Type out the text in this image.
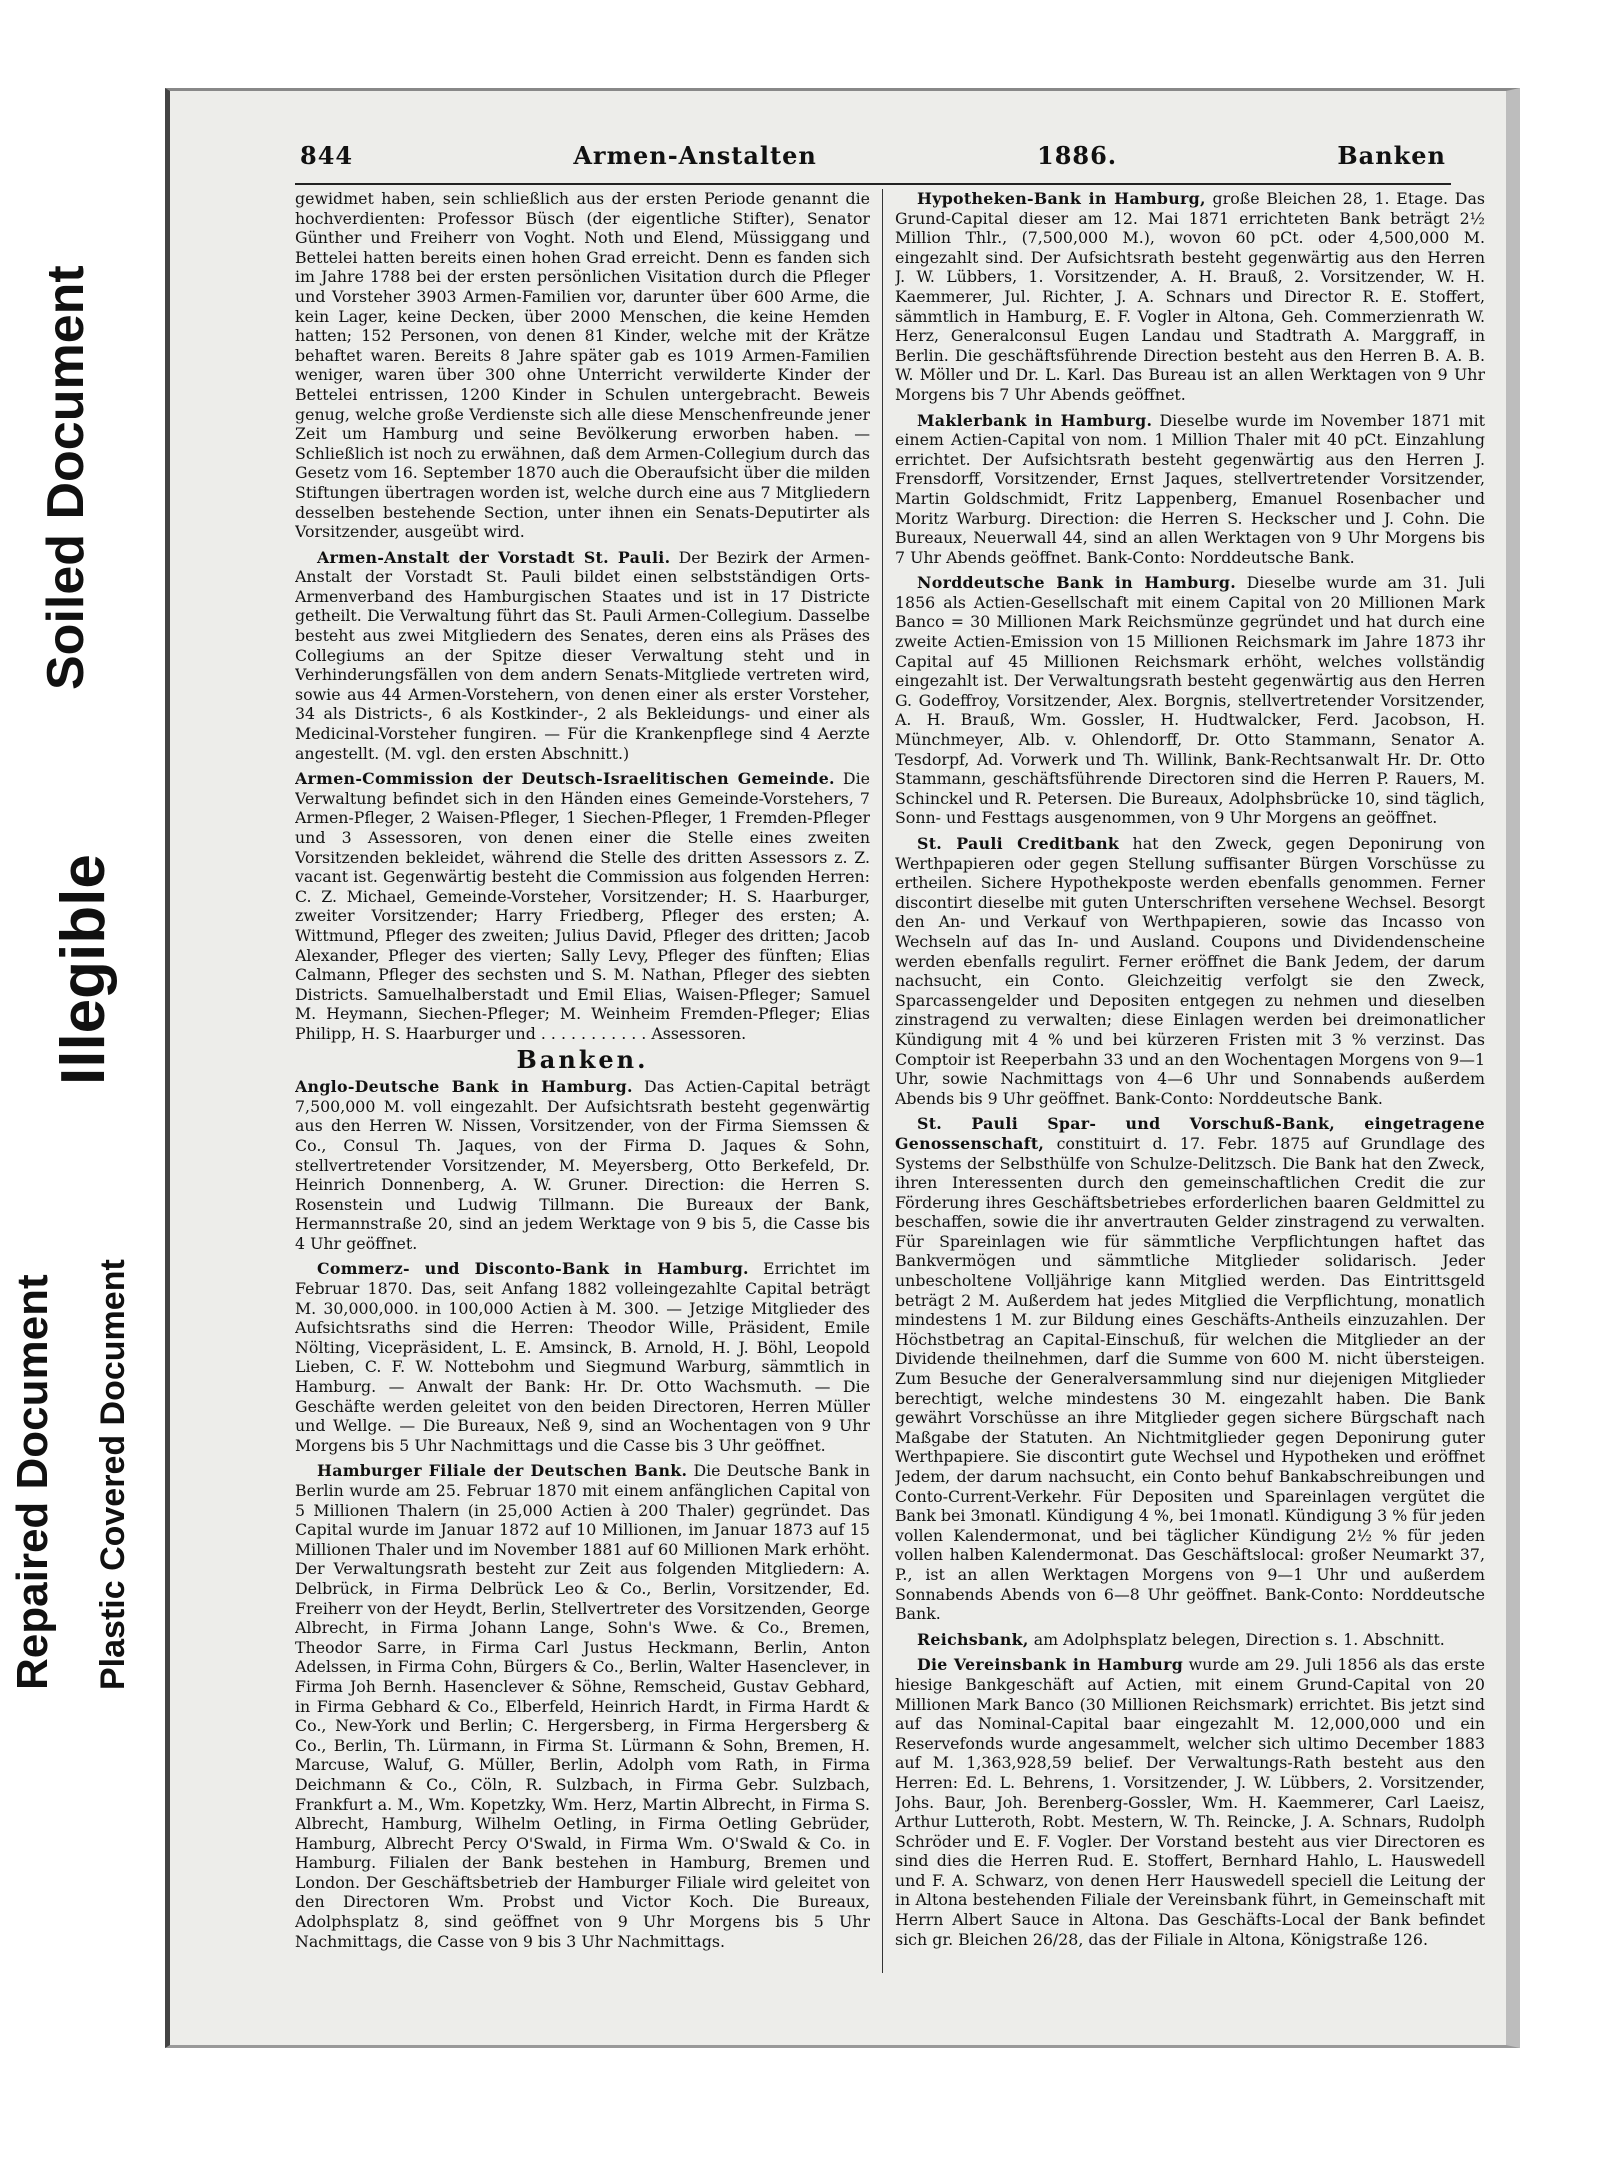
Soiled Document
Illegible
Repaired Document Plastic Covered Document
844	Armen-Anstalten	1886.	Banken

gewidmet haben, sein schließlich aus der ersten Periode genannt die hochverdienten: Professor Büsch (der eigentliche Stifter), Senator Günther und Freiherr von Voght. Noth und Elend, Müssiggang und Bettelei hatten bereits einen hohen Grad erreicht. Denn es fanden sich im Jahre 1788 bei der ersten persönlichen Visitation durch die Pfleger und Vorsteher 3903 Armen-Familien vor, darunter über 600 Arme, die kein Lager, keine Decken, über 2000 Menschen, die keine Hemden hatten; 152 Personen, von denen 81 Kinder, welche mit der Krätze behaftet waren. Bereits 8 Jahre später gab es 1019 Armen-Familien weniger, waren über 300 ohne Unterricht verwilderte Kinder der Bettelei entrissen, 1200 Kinder in Schulen untergebracht. Beweis genug, welche große Verdienste sich alle diese Menschenfreunde jener Zeit um Hamburg und seine Bevölkerung erworben haben. — Schließlich ist noch zu erwähnen, daß dem Armen-Collegium durch das Gesetz vom 16. September 1870 auch die Oberaufsicht über die milden Stiftungen übertragen worden ist, welche durch eine aus 7 Mitgliedern desselben bestehende Section, unter ihnen ein Senats-Deputirter als Vorsitzender, ausgeübt wird.

Armen-Anstalt der Vorstadt St. Pauli. Der Bezirk der Armen-Anstalt der Vorstadt St. Pauli bildet einen selbstständigen Orts-Armenverband des Hamburgischen Staates und ist in 17 Districte getheilt. Die Verwaltung führt das St. Pauli Armen-Collegium. Dasselbe besteht aus zwei Mitgliedern des Senates, deren eins als Präses des Collegiums an der Spitze dieser Verwaltung steht und in Verhinderungsfällen von dem andern Senats-Mitgliede vertreten wird, sowie aus 44 Armen-Vorstehern, von denen einer als erster Vorsteher, 34 als Districts-, 6 als Kostkinder-, 2 als Bekleidungs- und einer als Medicinal-Vorsteher fungiren. — Für die Krankenpflege sind 4 Aerzte angestellt. (M. vgl. den ersten Abschnitt.)

Armen-Commission der Deutsch-Israelitischen Gemeinde. Die Verwaltung befindet sich in den Händen eines Gemeinde-Vorstehers, 7 Armen-Pfleger, 2 Waisen-Pfleger, 1 Siechen-Pfleger, 1 Fremden-Pfleger und 3 Assessoren, von denen einer die Stelle eines zweiten Vorsitzenden bekleidet, während die Stelle des dritten Assessors z. Z. vacant ist. Gegenwärtig besteht die Commission aus folgenden Herren: C. Z. Michael, Gemeinde-Vorsteher, Vorsitzender; H. S. Haarburger, zweiter Vorsitzender; Harry Friedberg, Pfleger des ersten; A. Wittmund, Pfleger des zweiten; Julius David, Pfleger des dritten; Jacob Alexander, Pfleger des vierten; Sally Levy, Pfleger des fünften; Elias Calmann, Pfleger des sechsten und S. M. Nathan, Pfleger des siebten Districts. Samuelhalberstadt und Emil Elias, Waisen-Pfleger; Samuel M. Heymann, Siechen-Pfleger; M. Weinheim Fremden-Pfleger; Elias Philipp, H. S. Haarburger und . . . . . . . . . . . Assessoren.

Banken.

Anglo-Deutsche Bank in Hamburg. Das Actien-Capital beträgt 7,500,000 M. voll eingezahlt. Der Aufsichtsrath besteht gegenwärtig aus den Herren W. Nissen, Vorsitzender, von der Firma Siemssen & Co., Consul Th. Jaques, von der Firma D. Jaques & Sohn, stellvertretender Vorsitzender, M. Meyersberg, Otto Berkefeld, Dr. Heinrich Donnenberg, A. W. Gruner. Direction: die Herren S. Rosenstein und Ludwig Tillmann. Die Bureaux der Bank, Hermannstraße 20, sind an jedem Werktage von 9 bis 5, die Casse bis 4 Uhr geöffnet.

Commerz- und Disconto-Bank in Hamburg. Errichtet im Februar 1870. Das, seit Anfang 1882 volleingezahlte Capital beträgt M. 30,000,000. in 100,000 Actien à M. 300. — Jetzige Mitglieder des Aufsichtsraths sind die Herren: Theodor Wille, Präsident, Emile Nölting, Vicepräsident, L. E. Amsinck, B. Arnold, H. J. Böhl, Leopold Lieben, C. F. W. Nottebohm und Siegmund Warburg, sämmtlich in Hamburg. — Anwalt der Bank: Hr. Dr. Otto Wachsmuth. — Die Geschäfte werden geleitet von den beiden Directoren, Herren Müller und Wellge. — Die Bureaux, Neß 9, sind an Wochentagen von 9 Uhr Morgens bis 5 Uhr Nachmittags und die Casse bis 3 Uhr geöffnet.

Hamburger Filiale der Deutschen Bank. Die Deutsche Bank in Berlin wurde am 25. Februar 1870 mit einem anfänglichen Capital von 5 Millionen Thalern (in 25,000 Actien à 200 Thaler) gegründet. Das Capital wurde im Januar 1872 auf 10 Millionen, im Januar 1873 auf 15 Millionen Thaler und im November 1881 auf 60 Millionen Mark erhöht. Der Verwaltungsrath besteht zur Zeit aus folgenden Mitgliedern: A. Delbrück, in Firma Delbrück Leo & Co., Berlin, Vorsitzender, Ed. Freiherr von der Heydt, Berlin, Stellvertreter des Vorsitzenden, George Albrecht, in Firma Johann Lange, Sohn's Wwe. & Co., Bremen, Theodor Sarre, in Firma Carl Justus Heckmann, Berlin, Anton Adelssen, in Firma Cohn, Bürgers & Co., Berlin, Walter Hasenclever, in Firma Joh Bernh. Hasenclever & Söhne, Remscheid, Gustav Gebhard, in Firma Gebhard & Co., Elberfeld, Heinrich Hardt, in Firma Hardt & Co., New-York und Berlin; C. Hergersberg, in Firma Hergersberg & Co., Berlin, Th. Lürmann, in Firma St. Lürmann & Sohn, Bremen, H. Marcuse, Waluf, G. Müller, Berlin, Adolph vom Rath, in Firma Deichmann & Co., Cöln, R. Sulzbach, in Firma Gebr. Sulzbach, Frankfurt a. M., Wm. Kopetzky, Wm. Herz, Martin Albrecht, in Firma S. Albrecht, Hamburg, Wilhelm Oetling, in Firma Oetling Gebrüder, Hamburg, Albrecht Percy O'Swald, in Firma Wm. O'Swald & Co. in Hamburg. Filialen der Bank bestehen in Hamburg, Bremen und London. Der Geschäftsbetrieb der Hamburger Filiale wird geleitet von den Directoren Wm. Probst und Victor Koch. Die Bureaux, Adolphsplatz 8, sind geöffnet von 9 Uhr Morgens bis 5 Uhr Nachmittags, die Casse von 9 bis 3 Uhr Nachmittags.

Hypotheken-Bank in Hamburg, große Bleichen 28, 1. Etage. Das Grund-Capital dieser am 12. Mai 1871 errichteten Bank beträgt 2½ Million Thlr., (7,500,000 M.), wovon 60 pCt. oder 4,500,000 M. eingezahlt sind. Der Aufsichtsrath besteht gegenwärtig aus den Herren J. W. Lübbers, 1. Vorsitzender, A. H. Brauß, 2. Vorsitzender, W. H. Kaemmerer, Jul. Richter, J. A. Schnars und Director R. E. Stoffert, sämmtlich in Hamburg, E. F. Vogler in Altona, Geh. Commerzienrath W. Herz, Generalconsul Eugen Landau und Stadtrath A. Marggraff, in Berlin. Die geschäftsführende Direction besteht aus den Herren B. A. B. W. Möller und Dr. L. Karl. Das Bureau ist an allen Werktagen von 9 Uhr Morgens bis 7 Uhr Abends geöffnet.

Maklerbank in Hamburg. Dieselbe wurde im November 1871 mit einem Actien-Capital von nom. 1 Million Thaler mit 40 pCt. Einzahlung errichtet. Der Aufsichtsrath besteht gegenwärtig aus den Herren J. Frensdorff, Vorsitzender, Ernst Jaques, stellvertretender Vorsitzender, Martin Goldschmidt, Fritz Lappenberg, Emanuel Rosenbacher und Moritz Warburg. Direction: die Herren S. Heckscher und J. Cohn. Die Bureaux, Neuerwall 44, sind an allen Werktagen von 9 Uhr Morgens bis 7 Uhr Abends geöffnet. Bank-Conto: Norddeutsche Bank.

Norddeutsche Bank in Hamburg. Dieselbe wurde am 31. Juli 1856 als Actien-Gesellschaft mit einem Capital von 20 Millionen Mark Banco = 30 Millionen Mark Reichsmünze gegründet und hat durch eine zweite Actien-Emission von 15 Millionen Reichsmark im Jahre 1873 ihr Capital auf 45 Millionen Reichsmark erhöht, welches vollständig eingezahlt ist. Der Verwaltungsrath besteht gegenwärtig aus den Herren G. Godeffroy, Vorsitzender, Alex. Borgnis, stellvertretender Vorsitzender, A. H. Brauß, Wm. Gossler, H. Hudtwalcker, Ferd. Jacobson, H. Münchmeyer, Alb. v. Ohlendorff, Dr. Otto Stammann, Senator A. Tesdorpf, Ad. Vorwerk und Th. Willink, Bank-Rechtsanwalt Hr. Dr. Otto Stammann, geschäftsführende Directoren sind die Herren P. Rauers, M. Schinckel und R. Petersen. Die Bureaux, Adolphsbrücke 10, sind täglich, Sonn- und Festtags ausgenommen, von 9 Uhr Morgens an geöffnet.

St. Pauli Creditbank hat den Zweck, gegen Deponirung von Werthpapieren oder gegen Stellung suffisanter Bürgen Vorschüsse zu ertheilen. Sichere Hypothekposte werden ebenfalls genommen. Ferner discontirt dieselbe mit guten Unterschriften versehene Wechsel. Besorgt den An- und Verkauf von Werthpapieren, sowie das Incasso von Wechseln auf das In- und Ausland. Coupons und Dividendenscheine werden ebenfalls regulirt. Ferner eröffnet die Bank Jedem, der darum nachsucht, ein Conto. Gleichzeitig verfolgt sie den Zweck, Sparcassengelder und Depositen entgegen zu nehmen und dieselben zinstragend zu verwalten; diese Einlagen werden bei dreimonatlicher Kündigung mit 4 % und bei kürzeren Fristen mit 3 % verzinst. Das Comptoir ist Reeperbahn 33 und an den Wochentagen Morgens von 9—1 Uhr, sowie Nachmittags von 4—6 Uhr und Sonnabends außerdem Abends bis 9 Uhr geöffnet. Bank-Conto: Norddeutsche Bank.

St. Pauli Spar- und Vorschuß-Bank, eingetragene Genossenschaft, constituirt d. 17. Febr. 1875 auf Grundlage des Systems der Selbsthülfe von Schulze-Delitzsch. Die Bank hat den Zweck, ihren Interessenten durch den gemeinschaftlichen Credit die zur Förderung ihres Geschäftsbetriebes erforderlichen baaren Geldmittel zu beschaffen, sowie die ihr anvertrauten Gelder zinstragend zu verwalten. Für Spareinlagen wie für sämmtliche Verpflichtungen haftet das Bankvermögen und sämmtliche Mitglieder solidarisch. Jeder unbescholtene Volljährige kann Mitglied werden. Das Eintrittsgeld beträgt 2 M. Außerdem hat jedes Mitglied die Verpflichtung, monatlich mindestens 1 M. zur Bildung eines Geschäfts-Antheils einzuzahlen. Der Höchstbetrag an Capital-Einschuß, für welchen die Mitglieder an der Dividende theilnehmen, darf die Summe von 600 M. nicht übersteigen. Zum Besuche der Generalversammlung sind nur diejenigen Mitglieder berechtigt, welche mindestens 30 M. eingezahlt haben. Die Bank gewährt Vorschüsse an ihre Mitglieder gegen sichere Bürgschaft nach Maßgabe der Statuten. An Nichtmitglieder gegen Deponirung guter Werthpapiere. Sie discontirt gute Wechsel und Hypotheken und eröffnet Jedem, der darum nachsucht, ein Conto behuf Bankabschreibungen und Conto-Current-Verkehr. Für Depositen und Spareinlagen vergütet die Bank bei 3monatl. Kündigung 4 %, bei 1monatl. Kündigung 3 % für jeden vollen Kalendermonat, und bei täglicher Kündigung 2½ % für jeden vollen halben Kalendermonat. Das Geschäftslocal: großer Neumarkt 37, P., ist an allen Werktagen Morgens von 9—1 Uhr und außerdem Sonnabends Abends von 6—8 Uhr geöffnet. Bank-Conto: Norddeutsche Bank.

Reichsbank, am Adolphsplatz belegen, Direction s. 1. Abschnitt.

Die Vereinsbank in Hamburg wurde am 29. Juli 1856 als das erste hiesige Bankgeschäft auf Actien, mit einem Grund-Capital von 20 Millionen Mark Banco (30 Millionen Reichsmark) errichtet. Bis jetzt sind auf das Nominal-Capital baar eingezahlt M. 12,000,000 und ein Reservefonds wurde angesammelt, welcher sich ultimo December 1883 auf M. 1,363,928,59 belief. Der Verwaltungs-Rath besteht aus den Herren: Ed. L. Behrens, 1. Vorsitzender, J. W. Lübbers, 2. Vorsitzender, Johs. Baur, Joh. Berenberg-Gossler, Wm. H. Kaemmerer, Carl Laeisz, Arthur Lutteroth, Robt. Mestern, W. Th. Reincke, J. A. Schnars, Rudolph Schröder und E. F. Vogler. Der Vorstand besteht aus vier Directoren es sind dies die Herren Rud. E. Stoffert, Bernhard Hahlo, L. Hauswedell und F. A. Schwarz, von denen Herr Hauswedell speciell die Leitung der in Altona bestehenden Filiale der Vereinsbank führt, in Gemeinschaft mit Herrn Albert Sauce in Altona. Das Geschäfts-Local der Bank befindet sich gr. Bleichen 26/28, das der Filiale in Altona, Königstraße 126.
